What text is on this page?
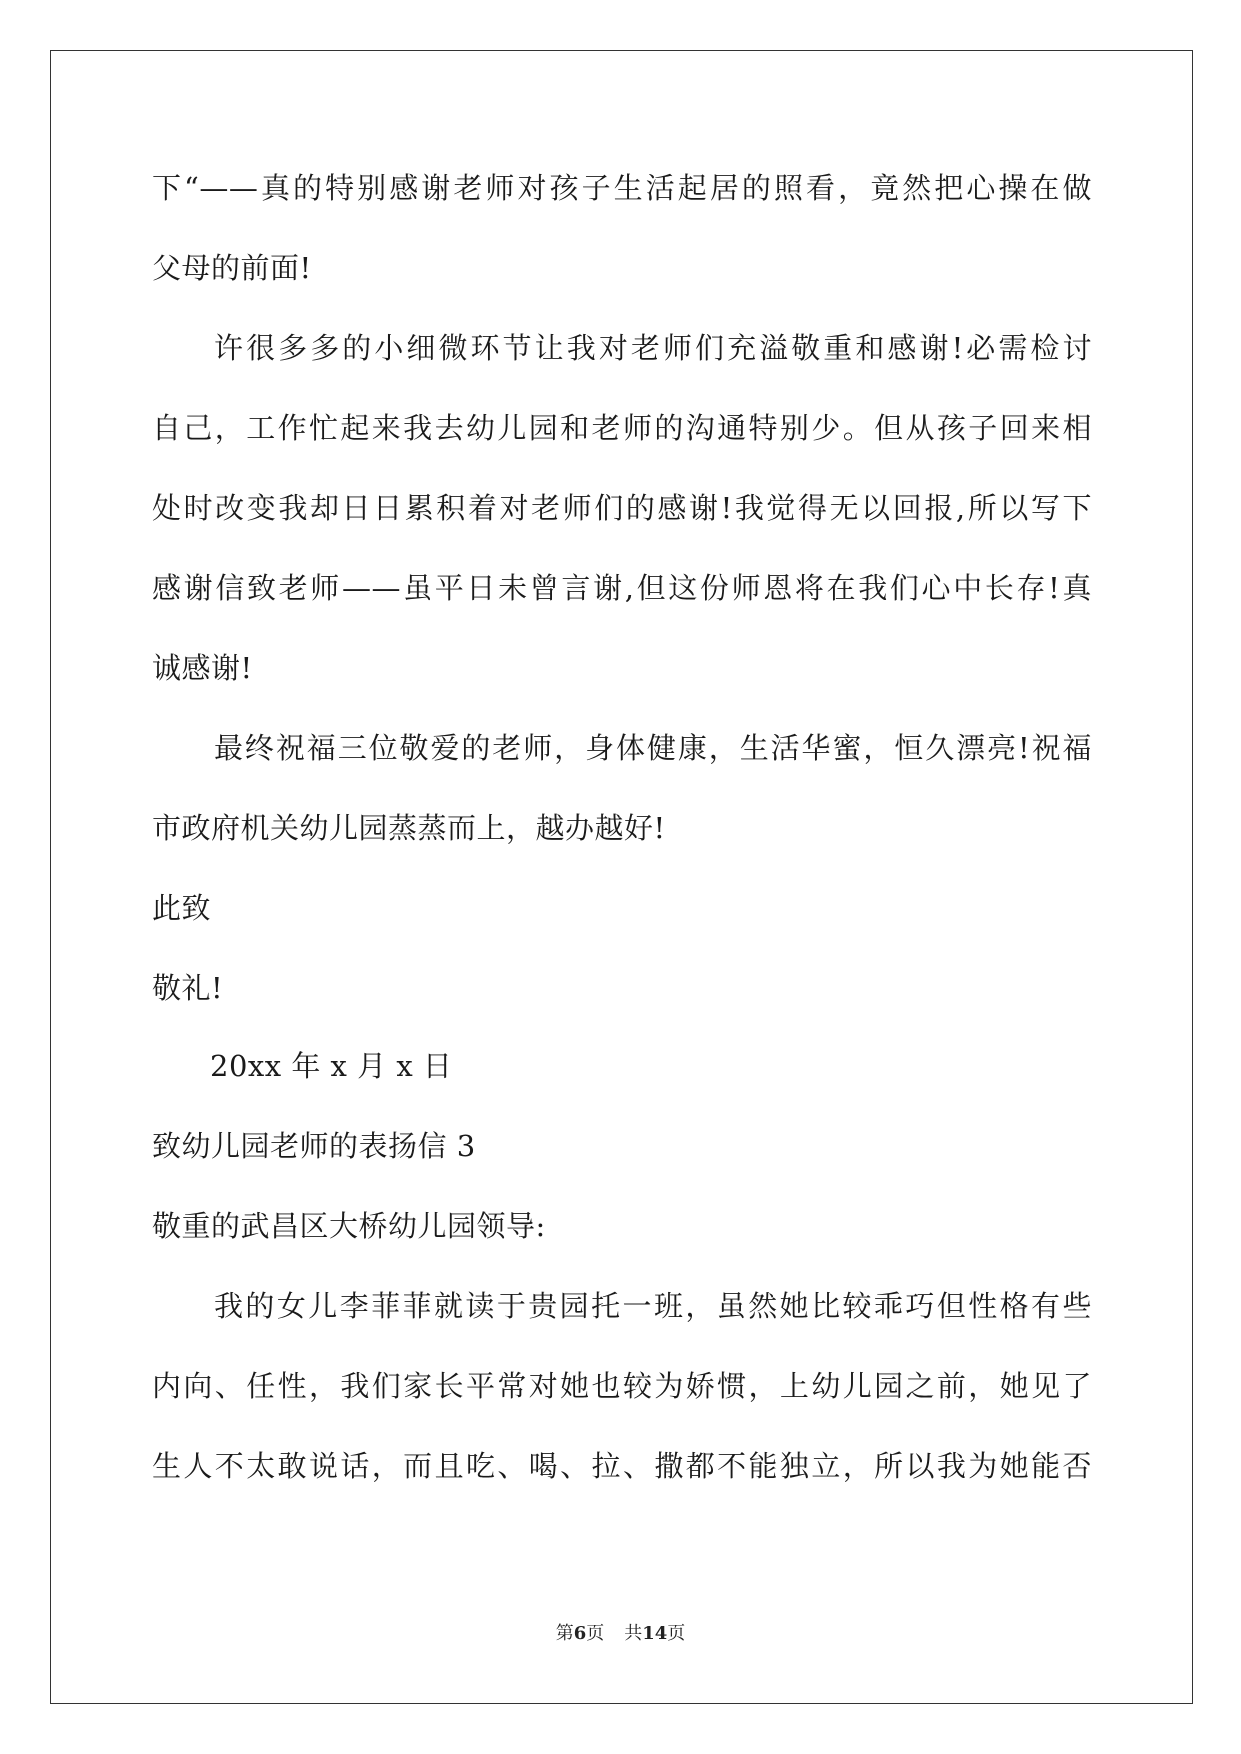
下“——真的特别感谢老师对孩子生活起居的照看，竟然把心操在做
父母的前面!
许很多多的小细微环节让我对老师们充溢敬重和感谢!必需检讨
自己，工作忙起来我去幼儿园和老师的沟通特别少。但从孩子回来相
处时改变我却日日累积着对老师们的感谢!我觉得无以回报,所以写下
感谢信致老师——虽平日未曾言谢,但这份师恩将在我们心中长存!真
诚感谢!
最终祝福三位敬爱的老师，身体健康，生活华蜜，恒久漂亮!祝福
市政府机关幼儿园蒸蒸而上，越办越好!
此致
敬礼!
20xx 年 x 月 x 日
致幼儿园老师的表扬信 3
敬重的武昌区大桥幼儿园领导:
我的女儿李菲菲就读于贵园托一班，虽然她比较乖巧但性格有些
内向、任性，我们家长平常对她也较为娇惯，上幼儿园之前，她见了
生人不太敢说话，而且吃、喝、拉、撒都不能独立，所以我为她能否
第6页 共14页
